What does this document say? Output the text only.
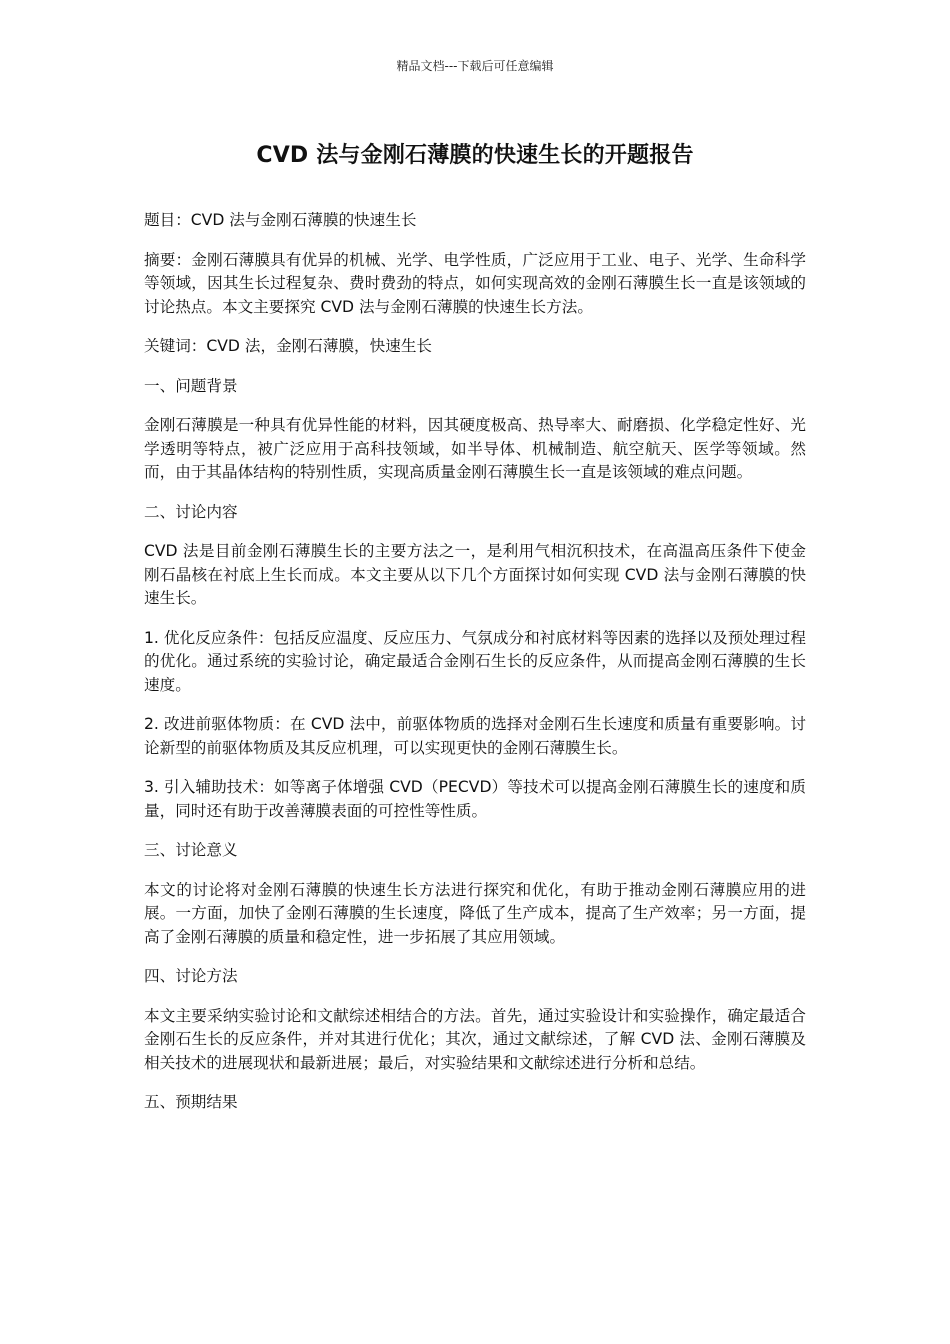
精品文档---下载后可任意编辑
CVD 法与金刚石薄膜的快速生长的开题报告

题目：CVD 法与金刚石薄膜的快速生长

摘要：金刚石薄膜具有优异的机械、光学、电学性质，广泛应用于工业、电子、光学、生命科学等领域，因其生长过程复杂、费时费劲的特点，如何实现高效的金刚石薄膜生长一直是该领域的讨论热点。本文主要探究 CVD 法与金刚石薄膜的快速生长方法。

关键词：CVD 法，金刚石薄膜，快速生长

一、问题背景

金刚石薄膜是一种具有优异性能的材料，因其硬度极高、热导率大、耐磨损、化学稳定性好、光学透明等特点，被广泛应用于高科技领域，如半导体、机械制造、航空航天、医学等领域。然而，由于其晶体结构的特别性质，实现高质量金刚石薄膜生长一直是该领域的难点问题。

二、讨论内容

CVD 法是目前金刚石薄膜生长的主要方法之一，是利用气相沉积技术，在高温高压条件下使金刚石晶核在衬底上生长而成。本文主要从以下几个方面探讨如何实现 CVD 法与金刚石薄膜的快速生长。

1. 优化反应条件：包括反应温度、反应压力、气氛成分和衬底材料等因素的选择以及预处理过程的优化。通过系统的实验讨论，确定最适合金刚石生长的反应条件，从而提高金刚石薄膜的生长速度。

2. 改进前驱体物质：在 CVD 法中，前驱体物质的选择对金刚石生长速度和质量有重要影响。讨论新型的前驱体物质及其反应机理，可以实现更快的金刚石薄膜生长。

3. 引入辅助技术：如等离子体增强 CVD（PECVD）等技术可以提高金刚石薄膜生长的速度和质量，同时还有助于改善薄膜表面的可控性等性质。

三、讨论意义

本文的讨论将对金刚石薄膜的快速生长方法进行探究和优化，有助于推动金刚石薄膜应用的进展。一方面，加快了金刚石薄膜的生长速度，降低了生产成本，提高了生产效率；另一方面，提高了金刚石薄膜的质量和稳定性，进一步拓展了其应用领域。

四、讨论方法

本文主要采纳实验讨论和文献综述相结合的方法。首先，通过实验设计和实验操作，确定最适合金刚石生长的反应条件，并对其进行优化；其次，通过文献综述，了解 CVD 法、金刚石薄膜及相关技术的进展现状和最新进展；最后，对实验结果和文献综述进行分析和总结。

五、预期结果
